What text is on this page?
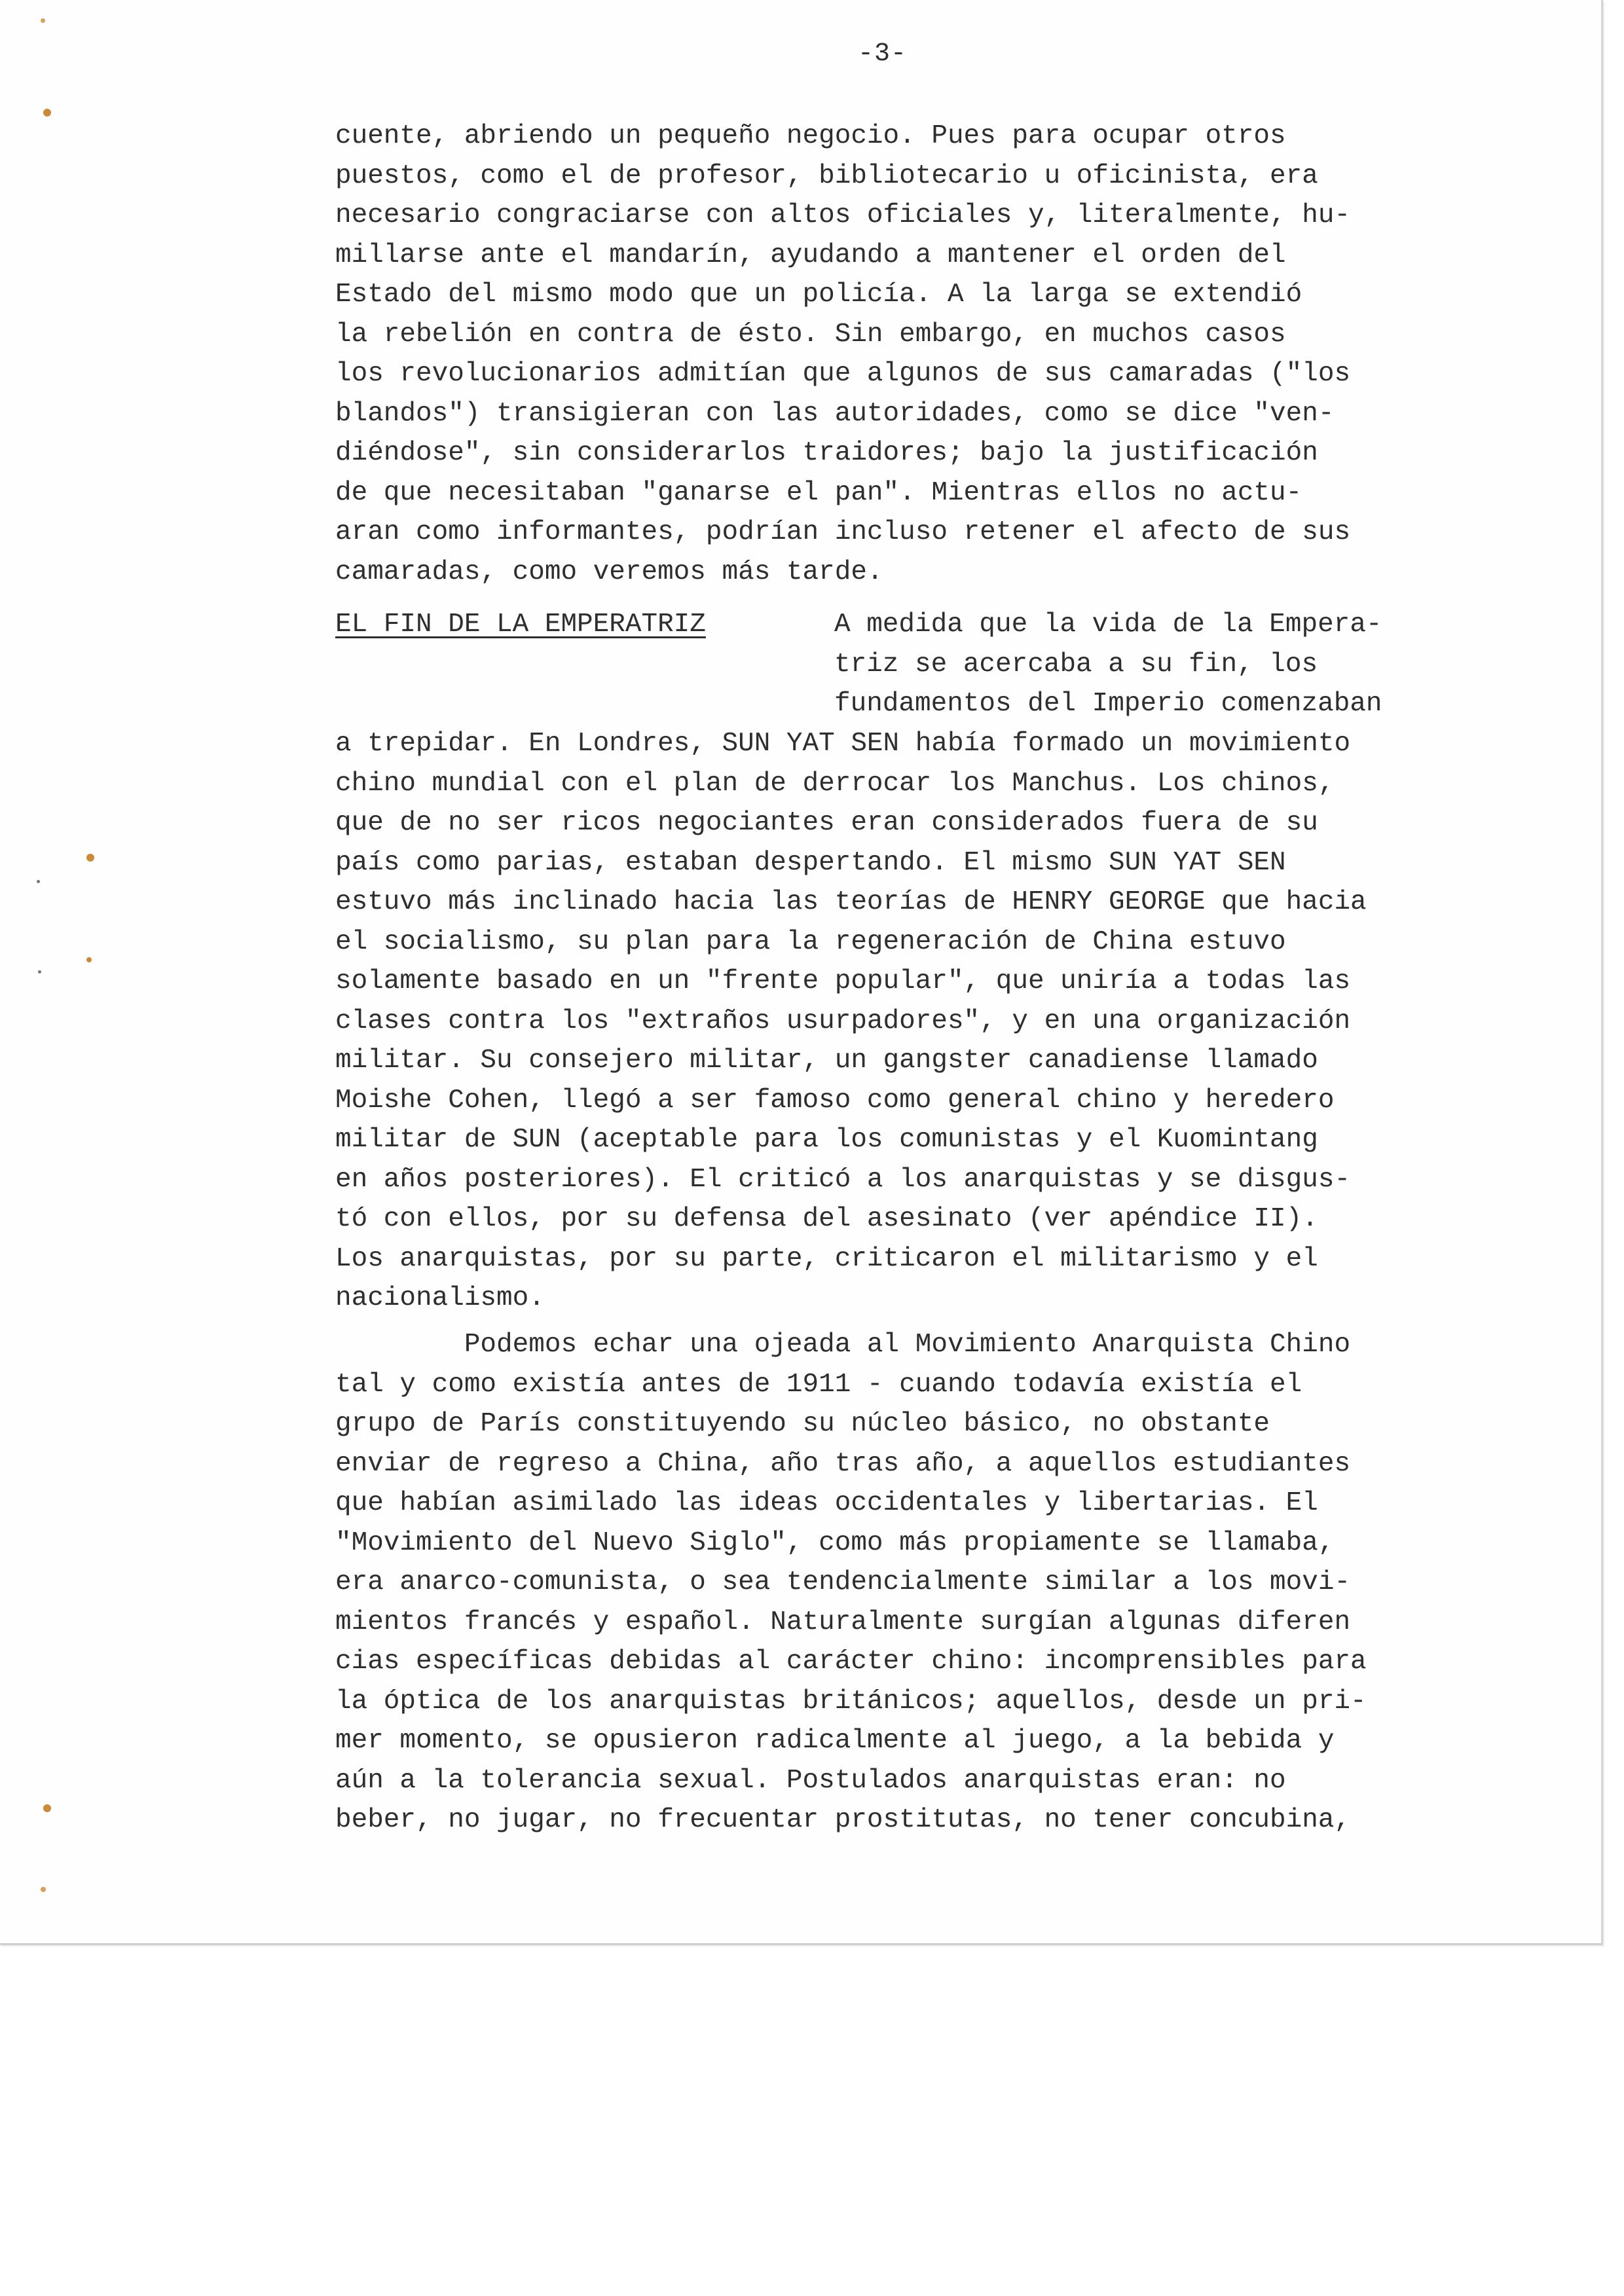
-3-

cuente, abriendo un pequeño negocio. Pues para ocupar otros
puestos, como el de profesor, bibliotecario u oficinista, era
necesario congraciarse con altos oficiales y, literalmente, hu-
millarse ante el mandarín, ayudando a mantener el orden del
Estado del mismo modo que un policía. A la larga se extendió
la rebelión en contra de ésto. Sin embargo, en muchos casos
los revolucionarios admitían que algunos de sus camaradas ("los
blandos") transigieran con las autoridades, como se dice "ven-
diéndose", sin considerarlos traidores; bajo la justificación
de que necesitaban "ganarse el pan". Mientras ellos no actu-
aran como informantes, podrían incluso retener el afecto de sus
camaradas, como veremos más tarde.

EL FIN DE LA EMPERATRIZ	A medida que la vida de la Empera-
triz se acercaba a su fin, los
fundamentos del Imperio comenzaban

a trepidar. En Londres, SUN YAT SEN había formado un movimiento
chino mundial con el plan de derrocar los Manchus. Los chinos,
que de no ser ricos negociantes eran considerados fuera de su
país como parias, estaban despertando. El mismo SUN YAT SEN
estuvo más inclinado hacia las teorías de HENRY GEORGE que hacia
el socialismo, su plan para la regeneración de China estuvo
solamente basado en un "frente popular", que uniría a todas las
clases contra los "extraños usurpadores", y en una organización
militar. Su consejero militar, un gangster canadiense llamado
Moishe Cohen, llegó a ser famoso como general chino y heredero
militar de SUN (aceptable para los comunistas y el Kuomintang
en años posteriores). El criticó a los anarquistas y se disgus-
tó con ellos, por su defensa del asesinato (ver apéndice II).
Los anarquistas, por su parte, criticaron el militarismo y el
nacionalismo.

Podemos echar una ojeada al Movimiento Anarquista Chino
tal y como existía antes de 1911 - cuando todavía existía el
grupo de París constituyendo su núcleo básico, no obstante
enviar de regreso a China, año tras año, a aquellos estudiantes
que habían asimilado las ideas occidentales y libertarias. El
"Movimiento del Nuevo Siglo", como más propiamente se llamaba,
era anarco-comunista, o sea tendencialmente similar a los movi-
mientos francés y español. Naturalmente surgían algunas diferen
cias específicas debidas al carácter chino: incomprensibles para
la óptica de los anarquistas británicos; aquellos, desde un pri-
mer momento, se opusieron radicalmente al juego, a la bebida y
aún a la tolerancia sexual. Postulados anarquistas eran: no
beber, no jugar, no frecuentar prostitutas, no tener concubina,
